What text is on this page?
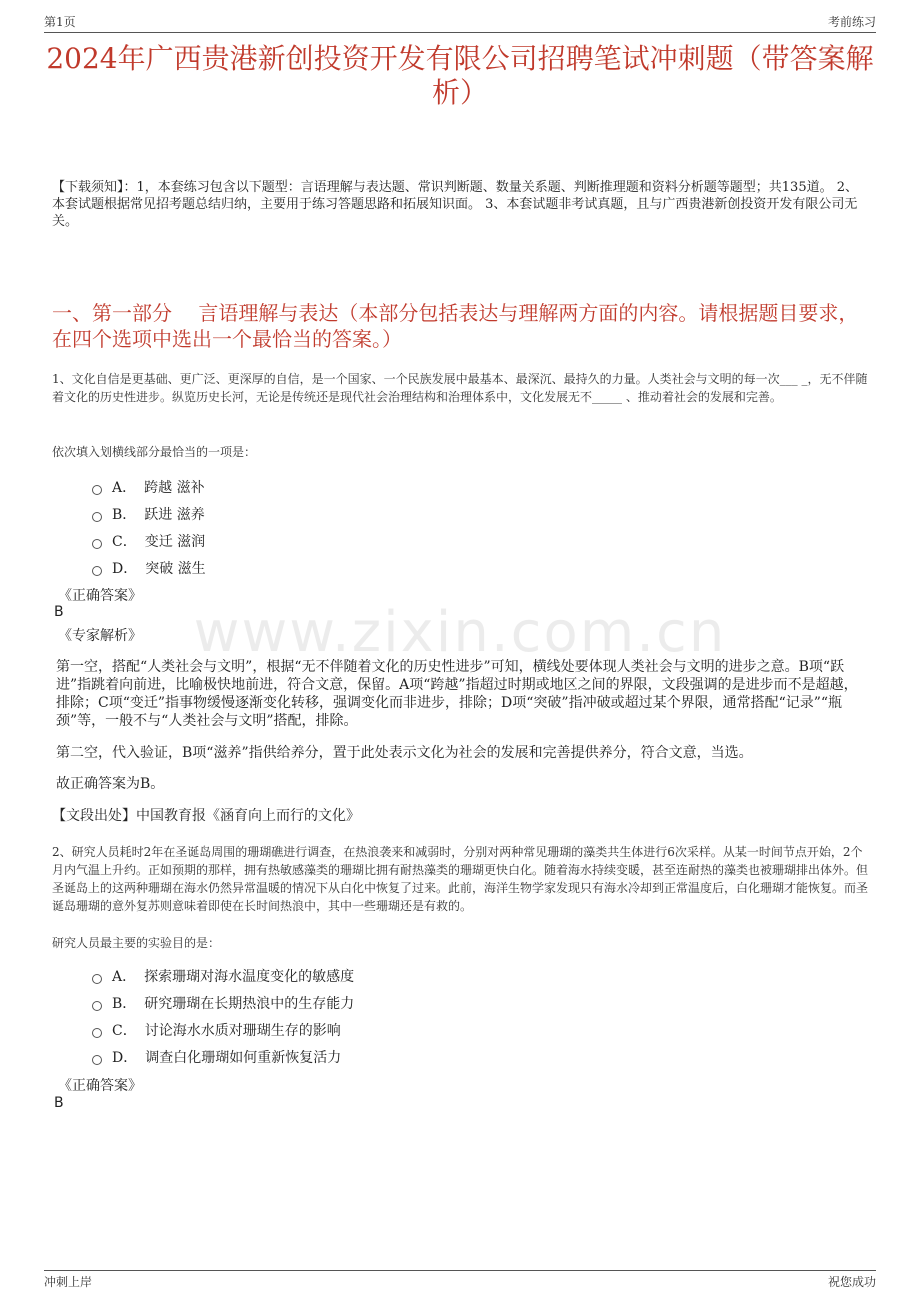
第1页	考前练习
2024年广西贵港新创投资开发有限公司招聘笔试冲刺题（带答案解析）
【下载须知】：1，本套练习包含以下题型：言语理解与表达题、常识判断题、数量关系题、判断推理题和资料分析题等题型；共135道。 2、本套试题根据常见招考题总结归纳，主要用于练习答题思路和拓展知识面。 3、本套试题非考试真题，且与广西贵港新创投资开发有限公司无关。
一、第一部分　 言语理解与表达（本部分包括表达与理解两方面的内容。请根据题目要求，在四个选项中选出一个最恰当的答案。）
1、文化自信是更基础、更广泛、更深厚的自信，是一个国家、一个民族发展中最基本、最深沉、最持久的力量。人类社会与文明的每一次___ _，无不伴随着文化的历史性进步。纵览历史长河，无论是传统还是现代社会治理结构和治理体系中，文化发展无不_____ 、推动着社会的发展和完善。
依次填入划横线部分最恰当的一项是：
A． 跨越 滋补
B． 跃进 滋养
C． 变迁 滋润
D． 突破 滋生
《正确答案》
B
《专家解析》
第一空，搭配“人类社会与文明”，根据“无不伴随着文化的历史性进步”可知，横线处要体现人类社会与文明的进步之意。B项“跃进”指跳着向前进，比喻极快地前进，符合文意，保留。A项“跨越”指超过时期或地区之间的界限，文段强调的是进步而不是超越，排除；C项“变迁”指事物缓慢逐渐变化转移，强调变化而非进步，排除；D项“突破”指冲破或超过某个界限，通常搭配“记录”“瓶颈”等，一般不与“人类社会与文明”搭配，排除。
第二空，代入验证，B项“滋养”指供给养分，置于此处表示文化为社会的发展和完善提供养分，符合文意，当选。
故正确答案为B。
【文段出处】中国教育报《涵育向上而行的文化》
2、研究人员耗时2年在圣诞岛周围的珊瑚礁进行调查，在热浪袭来和减弱时，分别对两种常见珊瑚的藻类共生体进行6次采样。从某一时间节点开始，2个月内气温上升约。正如预期的那样，拥有热敏感藻类的珊瑚比拥有耐热藻类的珊瑚更快白化。随着海水持续变暖，甚至连耐热的藻类也被珊瑚排出体外。但圣诞岛上的这两种珊瑚在海水仍然异常温暖的情况下从白化中恢复了过来。此前，海洋生物学家发现只有海水冷却到正常温度后，白化珊瑚才能恢复。而圣诞岛珊瑚的意外复苏则意味着即使在长时间热浪中，其中一些珊瑚还是有救的。
研究人员最主要的实验目的是：
A． 探索珊瑚对海水温度变化的敏感度
B． 研究珊瑚在长期热浪中的生存能力
C． 讨论海水水质对珊瑚生存的影响
D． 调查白化珊瑚如何重新恢复活力
《正确答案》
B
www.zixin.com.cn
冲刺上岸	祝您成功
